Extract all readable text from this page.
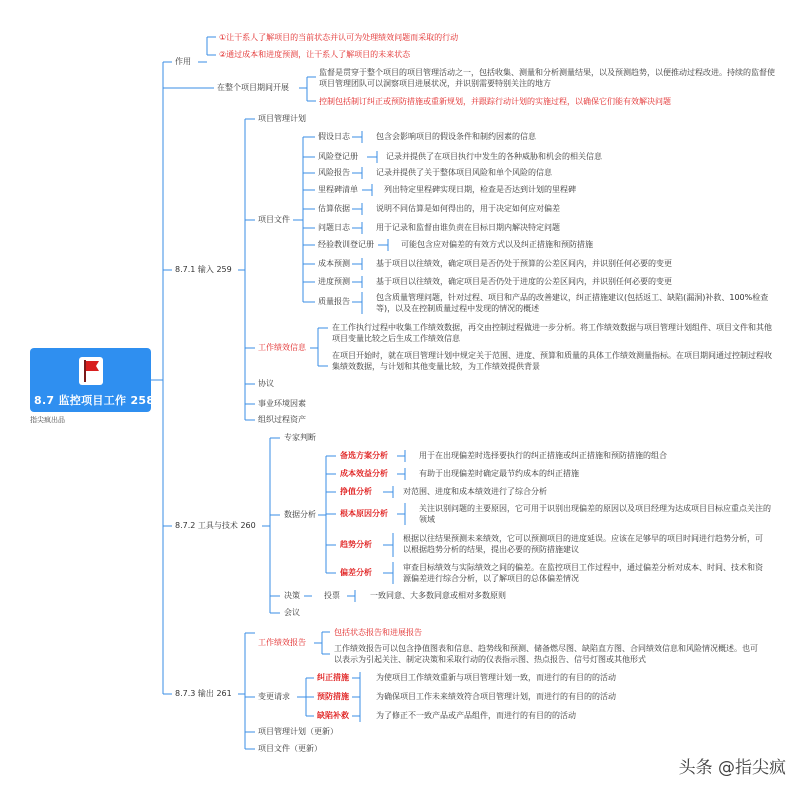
8.7 监控项目工作 258
指尖疯出品
作用
①让干系人了解项目的当前状态并认可为处理绩效问题而采取的行动
②通过成本和进度预测，让干系人了解项目的未来状态
在整个项目期间开展
监督是贯穿于整个项目的项目管理活动之一，包括收集、测量和分析测量结果，以及预测趋势，以便推动过程改进。持续的监督使项目管理团队可以洞察项目进展状况，并识别需要特别关注的地方
控制包括制订纠正或预防措施或重新规划，并跟踪行动计划的实施过程，以确保它们能有效解决问题
8.7.1 输入 259
项目管理计划
项目文件
假设日志	包含会影响项目的假设条件和制约因素的信息
风险登记册	记录并提供了在项目执行中发生的各种威胁和机会的相关信息
风险报告	记录并提供了关于整体项目风险和单个风险的信息
里程碑清单	列出特定里程碑实现日期，检查是否达到计划的里程碑
估算依据	说明不同估算是如何得出的，用于决定如何应对偏差
问题日志	用于记录和监督由谁负责在目标日期内解决特定问题
经验教训登记册	可能包含应对偏差的有效方式以及纠正措施和预防措施
成本预测	基于项目以往绩效，确定项目是否仍处于预算的公差区间内，并识别任何必要的变更
进度预测	基于项目以往绩效，确定项目是否仍处于进度的公差区间内，并识别任何必要的变更
质量报告	包含质量管理问题，针对过程、项目和产品的改善建议，纠正措施建议(包括返工、缺陷(漏洞)补救、100%检查等)，以及在控制质量过程中发现的情况的概述
工作绩效信息
在工作执行过程中收集工作绩效数据，再交由控制过程做进一步分析。将工作绩效数据与项目管理计划组件、项目文件和其他项目变量比较之后生成工作绩效信息
在项目开始时，就在项目管理计划中规定关于范围、进度、预算和质量的具体工作绩效测量指标。在项目期间通过控制过程收集绩效数据，与计划和其他变量比较，为工作绩效提供背景
协议
事业环境因素
组织过程资产
8.7.2 工具与技术 260
专家判断
数据分析
备选方案分析	用于在出现偏差时选择要执行的纠正措施或纠正措施和预防措施的组合
成本效益分析	有助于出现偏差时确定最节约成本的纠正措施
挣值分析	对范围、进度和成本绩效进行了综合分析
根本原因分析
关注识别问题的主要原因，它可用于识别出现偏差的原因以及项目经理为达成项目目标应重点关注的领域
趋势分析
根据以往结果预测未来绩效，它可以预测项目的进度延误。应该在足够早的项目时间进行趋势分析，可以根据趋势分析的结果，提出必要的预防措施建议
偏差分析
审查目标绩效与实际绩效之间的偏差。在监控项目工作过程中，通过偏差分析对成本、时间、技术和资源偏差进行综合分析，以了解项目的总体偏差情况
决策	投票	一致同意、大多数同意或相对多数原则
会议
8.7.3 输出 261
工作绩效报告
包括状态报告和进展报告
工作绩效报告可以包含挣值图表和信息、趋势线和预测、储备燃尽图、缺陷直方图、合同绩效信息和风险情况概述。也可以表示为引起关注、制定决策和采取行动的仪表指示图、热点报告、信号灯图或其他形式
变更请求
纠正措施	为使项目工作绩效重新与项目管理计划一致，而进行的有目的的活动
预防措施	为确保项目工作未来绩效符合项目管理计划，而进行的有目的的活动
缺陷补救	为了修正不一致产品或产品组件，而进行的有目的的活动
项目管理计划（更新）
项目文件（更新）
头条 @指尖疯
